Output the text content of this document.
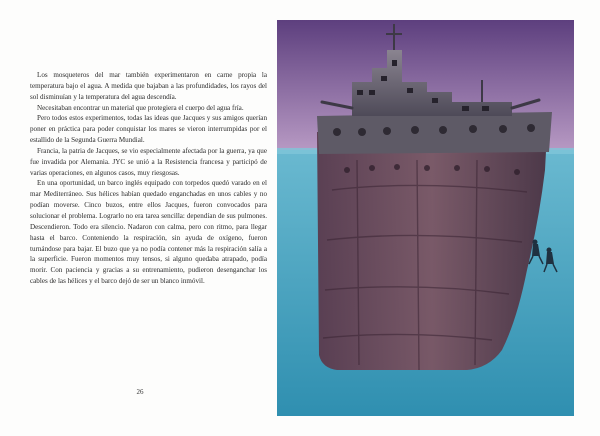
Los mosqueteros del mar también experimentaron en carne propia la temperatura bajo el agua. A medida que bajaban a las profundidades, los rayos del sol disminuían y la temperatura del agua descendía.

Necesitaban encontrar un material que protegiera el cuerpo del agua fría.

Pero todos estos experimentos, todas las ideas que Jacques y sus amigos querían poner en práctica para poder conquistar los mares se vieron interrumpidas por el estallido de la Segunda Guerra Mundial.

Francia, la patria de Jacques, se vio especialmente afectada por la guerra, ya que fue invadida por Alemania. JYC se unió a la Resistencia francesa y participó de varias operaciones, en algunos casos, muy riesgosas.

En una oportunidad, un barco inglés equipado con torpedos quedó varado en el mar Mediterráneo. Sus hélices habían quedado enganchadas en unos cables y no podían moverse. Cinco buzos, entre ellos Jacques, fueron convocados para solucionar el problema. Lograrlo no era tarea sencilla: dependían de sus pulmones. Descendieron. Todo era silencio. Nadaron con calma, pero con ritmo, para llegar hasta el barco. Conteniendo la respiración, sin ayuda de oxígeno, fueron turnándose para bajar. El buzo que ya no podía contener más la respiración salía a la superficie. Fueron momentos muy tensos, si alguno quedaba atrapado, podía morir. Con paciencia y gracias a su entrenamiento, pudieron desenganchar los cables de las hélices y el barco dejó de ser un blanco inmóvil.

26
